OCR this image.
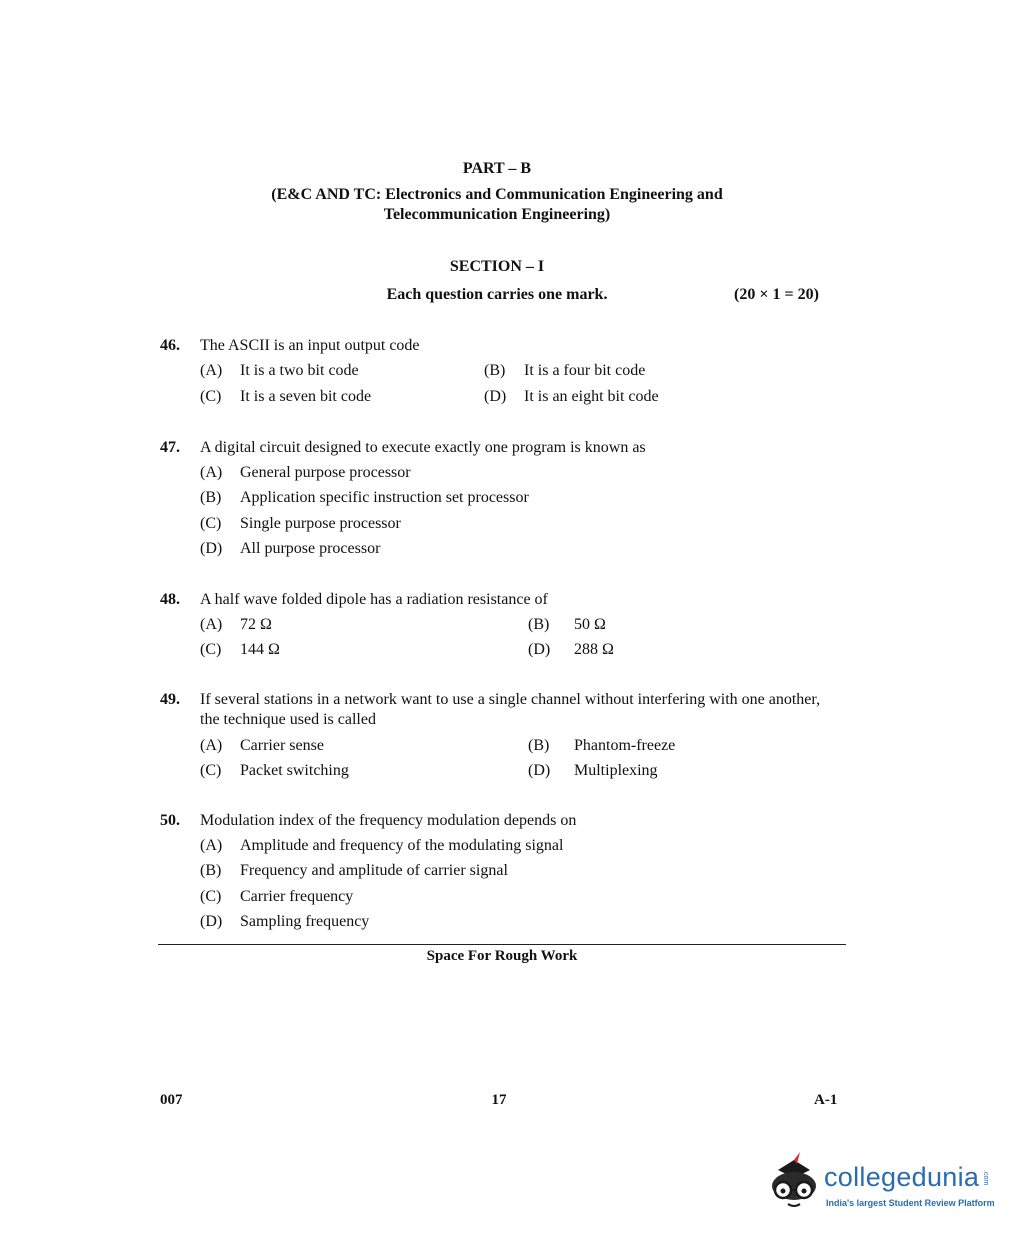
PART – B
(E&C AND TC: Electronics and Communication Engineering and
Telecommunication Engineering)
SECTION – I
Each question carries one mark.	(20 × 1 = 20)
46. The ASCII is an input output code
(A) It is a two bit code	(B) It is a four bit code
(C) It is a seven bit code	(D) It is an eight bit code
47. A digital circuit designed to execute exactly one program is known as
(A) General purpose processor
(B) Application specific instruction set processor
(C) Single purpose processor
(D) All purpose processor
48. A half wave folded dipole has a radiation resistance of
(A) 72 Ω	(B) 50 Ω
(C) 144 Ω	(D) 288 Ω
49. If several stations in a network want to use a single channel without interfering with one another, the technique used is called
(A) Carrier sense	(B) Phantom-freeze
(C) Packet switching	(D) Multiplexing
50. Modulation index of the frequency modulation depends on
(A) Amplitude and frequency of the modulating signal
(B) Frequency and amplitude of carrier signal
(C) Carrier frequency
(D) Sampling frequency
Space For Rough Work
007	17	A-1
collegedunia .com
India's largest Student Review Platform
